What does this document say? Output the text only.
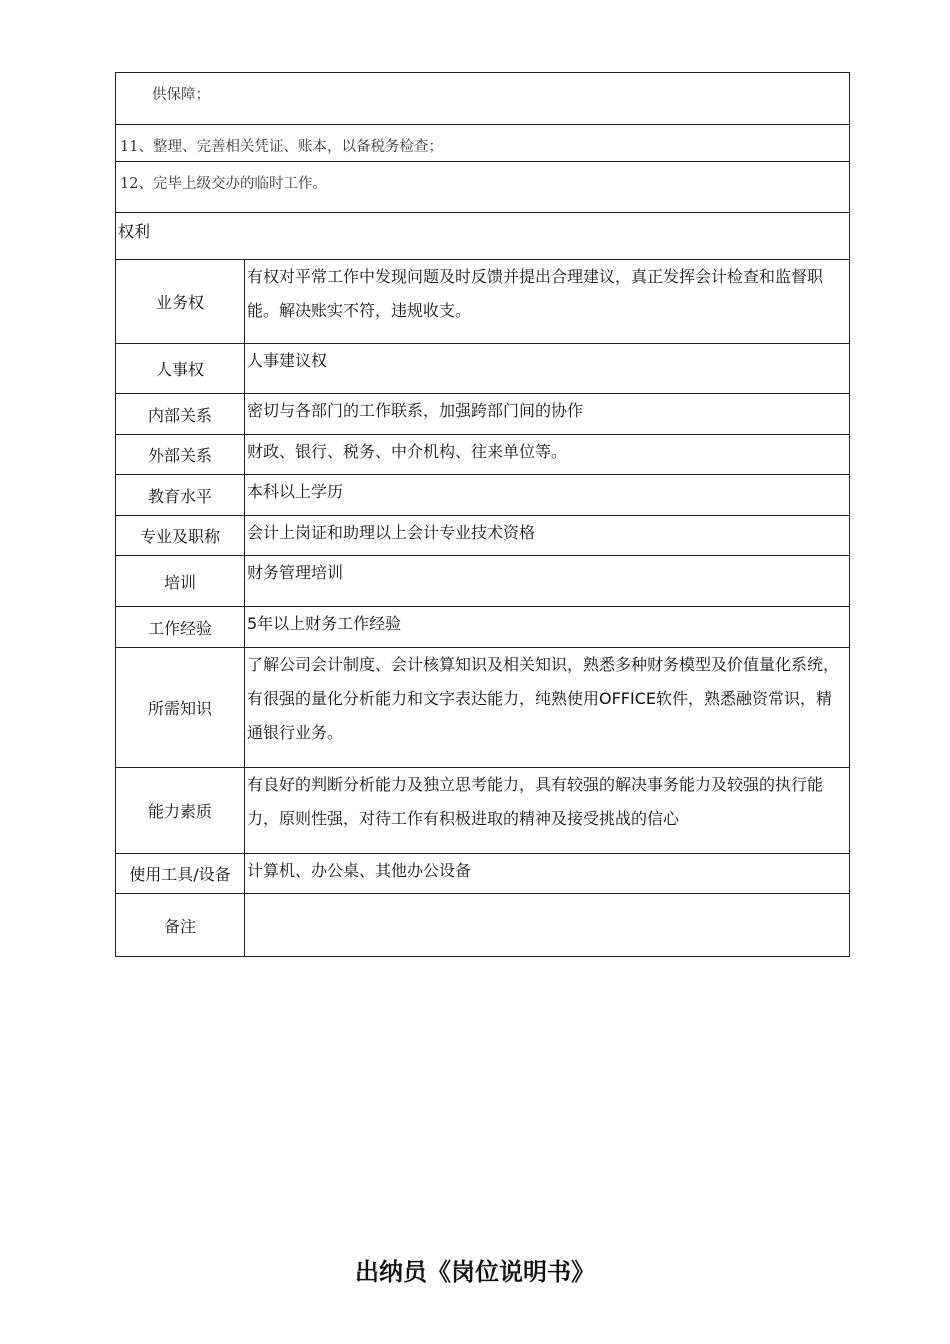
供保障；	
11、整理、完善相关凭证、账本，以备税务检查；	
12、完毕上级交办的临时工作。	
权利	
业务权	有权对平常工作中发现问题及时反馈并提出合理建议，真正发挥会计检查和监督职能。解决账实不符，违规收支。
人事权	人事建议权
内部关系	密切与各部门的工作联系，加强跨部门间的协作
外部关系	财政、银行、税务、中介机构、往来单位等。
教育水平	本科以上学历
专业及职称	会计上岗证和助理以上会计专业技术资格
培训	财务管理培训
工作经验	5年以上财务工作经验
所需知识	了解公司会计制度、会计核算知识及相关知识，熟悉多种财务模型及价值量化系统，有很强的量化分析能力和文字表达能力，纯熟使用OFFICE软件，熟悉融资常识，精通银行业务。
能力素质	有良好的判断分析能力及独立思考能力，具有较强的解决事务能力及较强的执行能力，原则性强，对待工作有积极进取的精神及接受挑战的信心
使用工具/设备	计算机、办公桌、其他办公设备
备注	
出纳员《岗位说明书》
